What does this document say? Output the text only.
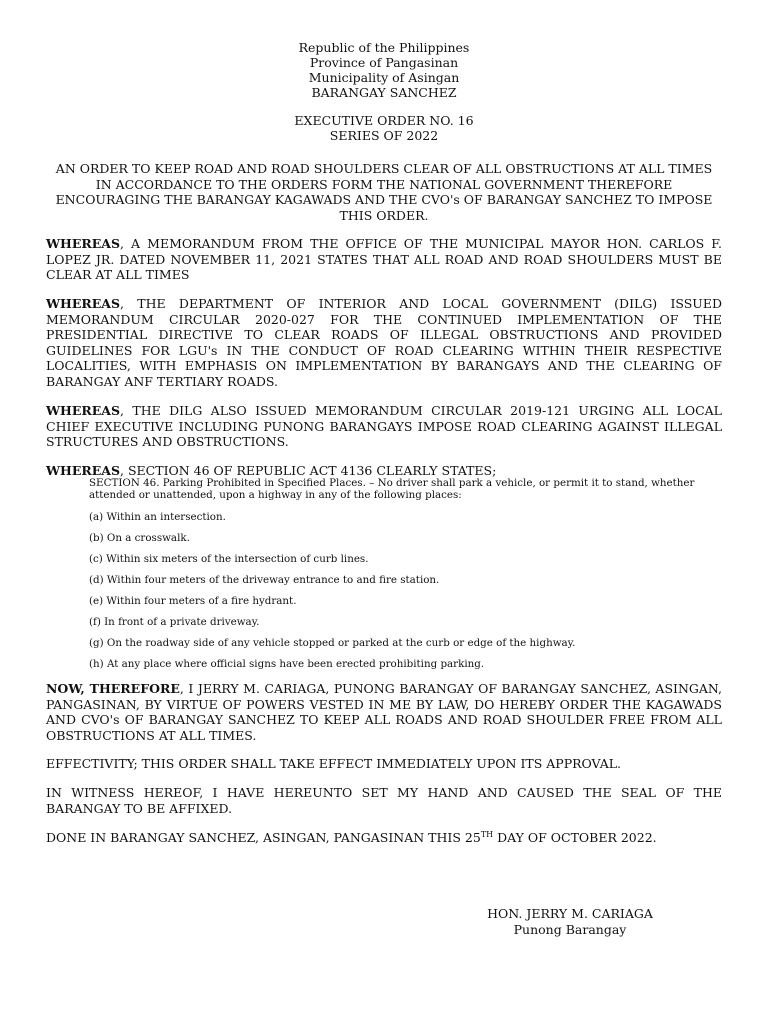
Republic of the Philippines
Province of Pangasinan
Municipality of Asingan
BARANGAY SANCHEZ
EXECUTIVE ORDER NO. 16
SERIES OF 2022
AN ORDER TO KEEP ROAD AND ROAD SHOULDERS CLEAR OF ALL OBSTRUCTIONS AT ALL TIMES IN ACCORDANCE TO THE ORDERS FORM THE NATIONAL GOVERNMENT THEREFORE ENCOURAGING THE BARANGAY KAGAWADS AND THE CVO's OF BARANGAY SANCHEZ TO IMPOSE THIS ORDER.

WHEREAS, A MEMORANDUM FROM THE OFFICE OF THE MUNICIPAL MAYOR HON. CARLOS F. LOPEZ JR. DATED NOVEMBER 11, 2021 STATES THAT ALL ROAD AND ROAD SHOULDERS MUST BE CLEAR AT ALL TIMES

WHEREAS, THE DEPARTMENT OF INTERIOR AND LOCAL GOVERNMENT (DILG) ISSUED MEMORANDUM CIRCULAR 2020-027 FOR THE CONTINUED IMPLEMENTATION OF THE PRESIDENTIAL DIRECTIVE TO CLEAR ROADS OF ILLEGAL OBSTRUCTIONS AND PROVIDED GUIDELINES FOR LGU's IN THE CONDUCT OF ROAD CLEARING WITHIN THEIR RESPECTIVE LOCALITIES, WITH EMPHASIS ON IMPLEMENTATION BY BARANGAYS AND THE CLEARING OF BARANGAY ANF TERTIARY ROADS.

WHEREAS, THE DILG ALSO ISSUED MEMORANDUM CIRCULAR 2019-121 URGING ALL LOCAL CHIEF EXECUTIVE INCLUDING PUNONG BARANGAYS IMPOSE ROAD CLEARING AGAINST ILLEGAL STRUCTURES AND OBSTRUCTIONS.

WHEREAS, SECTION 46 OF REPUBLIC ACT 4136 CLEARLY STATES;

SECTION 46. Parking Prohibited in Specified Places. – No driver shall park a vehicle, or permit it to stand, whether attended or unattended, upon a highway in any of the following places:

(a) Within an intersection.

(b) On a crosswalk.

(c) Within six meters of the intersection of curb lines.

(d) Within four meters of the driveway entrance to and fire station.

(e) Within four meters of a fire hydrant.

(f) In front of a private driveway.

(g) On the roadway side of any vehicle stopped or parked at the curb or edge of the highway.

(h) At any place where official signs have been erected prohibiting parking.

NOW, THEREFORE, I JERRY M. CARIAGA, PUNONG BARANGAY OF BARANGAY SANCHEZ, ASINGAN, PANGASINAN, BY VIRTUE OF POWERS VESTED IN ME BY LAW, DO HEREBY ORDER THE KAGAWADS AND CVO's OF BARANGAY SANCHEZ TO KEEP ALL ROADS AND ROAD SHOULDER FREE FROM ALL OBSTRUCTIONS AT ALL TIMES.

EFFECTIVITY; THIS ORDER SHALL TAKE EFFECT IMMEDIATELY UPON ITS APPROVAL.

IN WITNESS HEREOF, I HAVE HEREUNTO SET MY HAND AND CAUSED THE SEAL OF THE BARANGAY TO BE AFFIXED.

DONE IN BARANGAY SANCHEZ, ASINGAN, PANGASINAN THIS 25TH DAY OF OCTOBER 2022.

HON. JERRY M. CARIAGA
Punong Barangay
